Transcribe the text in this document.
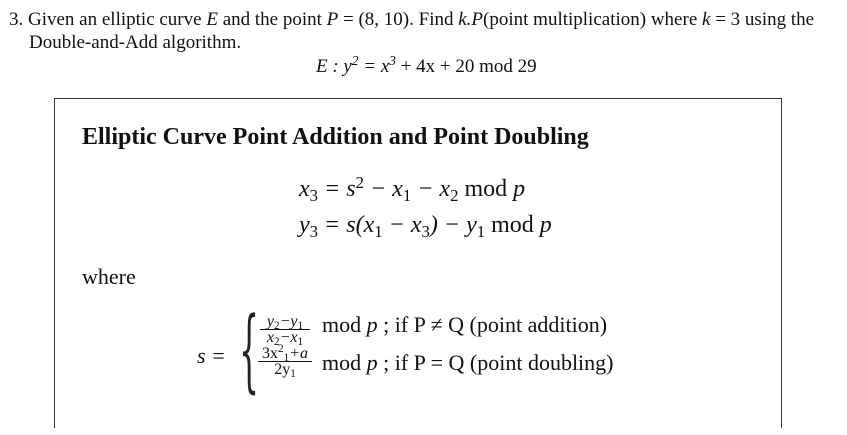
3. Given an elliptic curve E and the point P = (8, 10). Find k.P(point multiplication) where k = 3 using the
Double-and-Add algorithm.
E : $y^2 = x^3 + 4x + 20$ mod 29
Elliptic Curve Point Addition and Point Doubling
$x_3 = s^2 - x_1 - x_2$ mod p
$y_3 = s(x_1 - x_3) - y_1$ mod p
where
s = { $\frac{y_2-y_1}{x_2-x_1}$ mod p ; if P ≠ Q (point addition)
$\frac{3x^2_1+a}{2y_1}$ mod p ; if P = Q (point doubling)
